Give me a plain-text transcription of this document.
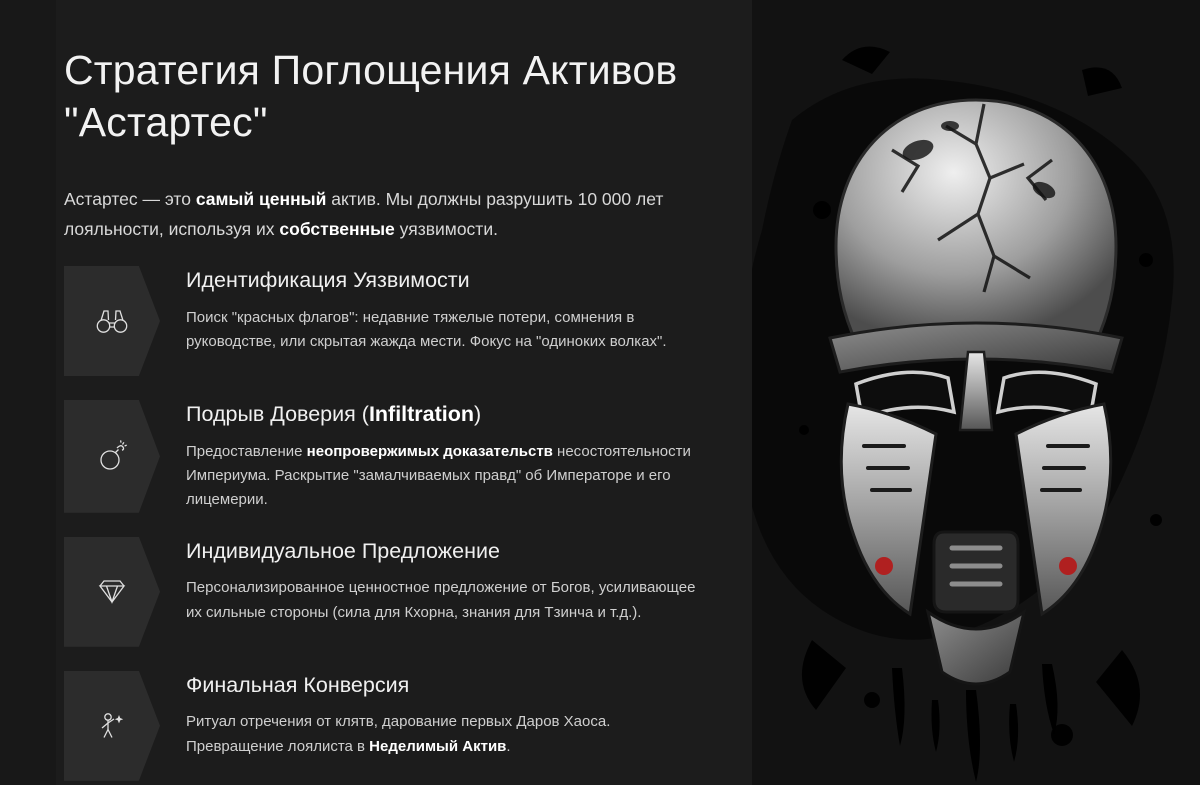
Стратегия Поглощения Активов "Астартес"
Астартес — это самый ценный актив. Мы должны разрушить 10 000 лет лояльности, используя их собственные уязвимости.

Идентификация Уязвимости

Поиск "красных флагов": недавние тяжелые потери, сомнения в руководстве, или скрытая жажда мести. Фокус на "одиноких волках".

Подрыв Доверия (Infiltration)

Предоставление неопровержимых доказательств несостоятельности Империума. Раскрытие "замалчиваемых правд" об Императоре и его лицемерии.

Индивидуальное Предложение

Персонализированное ценностное предложение от Богов, усиливающее их сильные стороны (сила для Кхорна, знания для Тзинча и т.д.).

Финальная Конверсия

Ритуал отречения от клятв, дарование первых Даров Хаоса. Превращение лоялиста в Неделимый Актив.
